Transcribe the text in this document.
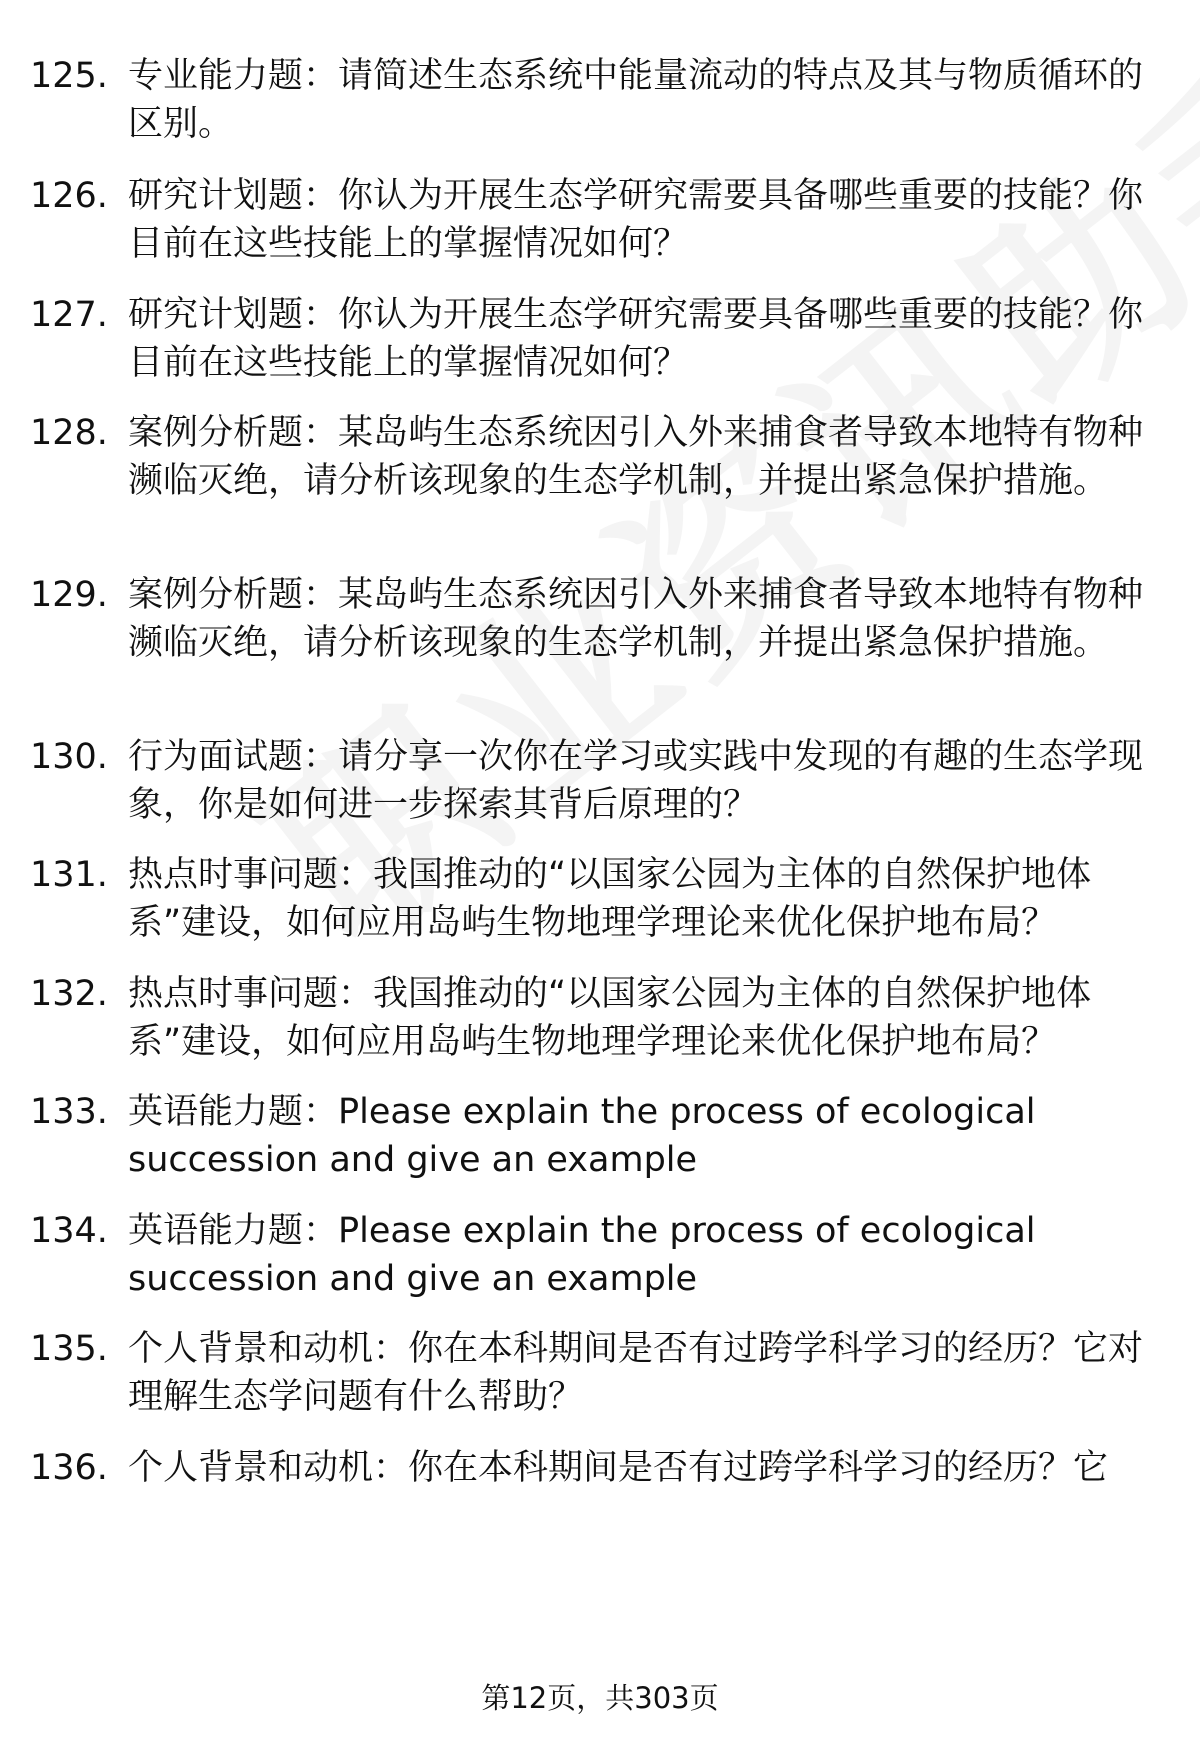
125. 专业能力题：请简述生态系统中能量流动的特点及其与物质循环的区别。
126. 研究计划题：你认为开展生态学研究需要具备哪些重要的技能？你目前在这些技能上的掌握情况如何？
127. 研究计划题：你认为开展生态学研究需要具备哪些重要的技能？你目前在这些技能上的掌握情况如何？
128. 案例分析题：某岛屿生态系统因引入外来捕食者导致本地特有物种濒临灭绝，请分析该现象的生态学机制，并提出紧急保护措施。
129. 案例分析题：某岛屿生态系统因引入外来捕食者导致本地特有物种濒临灭绝，请分析该现象的生态学机制，并提出紧急保护措施。
130. 行为面试题：请分享一次你在学习或实践中发现的有趣的生态学现象，你是如何进一步探索其背后原理的？
131. 热点时事问题：我国推动的“以国家公园为主体的自然保护地体系”建设，如何应用岛屿生物地理学理论来优化保护地布局？
132. 热点时事问题：我国推动的“以国家公园为主体的自然保护地体系”建设，如何应用岛屿生物地理学理论来优化保护地布局？
133. 英语能力题：Please explain the process of ecological succession and give an example
134. 英语能力题：Please explain the process of ecological succession and give an example
135. 个人背景和动机：你在本科期间是否有过跨学科学习的经历？它对理解生态学问题有什么帮助？
136. 个人背景和动机：你在本科期间是否有过跨学科学习的经历？它
第12页，共303页
